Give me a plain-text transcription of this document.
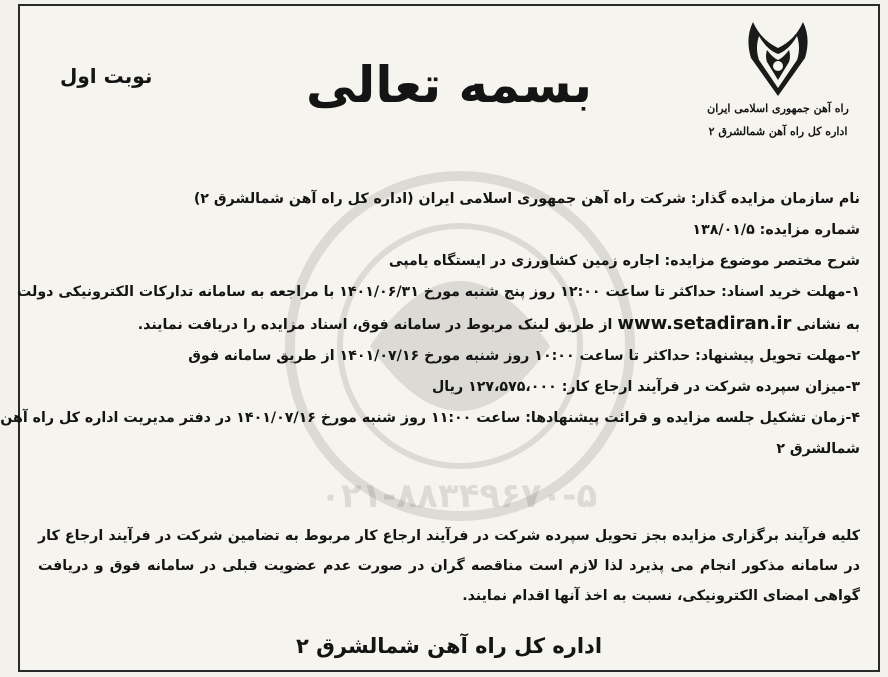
۰۲۱-۸۸۳۴۹۶۷۰-۵
راه آهن جمهوری اسلامی ایران
اداره کل راه آهن شمالشرق ۲
بسمه تعالی
نوبت اول
نام سازمان مزایده گذار: شرکت راه آهن جمهوری اسلامی ایران (اداره کل راه آهن شمالشرق ۲)
شماره مزایده: ۱۳۸/۰۱/۵
شرح مختصر موضوع مزایده: اجاره زمین کشاورزی در ایستگاه یامپی
۱-مهلت خرید اسناد: حداکثر تا ساعت ۱۲:۰۰ روز پنج شنبه مورخ ۱۴۰۱/۰۶/۳۱ با مراجعه به سامانه تدارکات الکترونیکی دولت
به نشانی www.setadiran.ir از طریق لینک مربوط در سامانه فوق، اسناد مزایده را دریافت نمایند.
۲-مهلت تحویل پیشنهاد: حداکثر تا ساعت ۱۰:۰۰ روز شنبه مورخ ۱۴۰۱/۰۷/۱۶ از طریق سامانه فوق
۳-میزان سپرده شرکت در فرآیند ارجاع کار: ۱۲۷،۵۷۵،۰۰۰ ریال
۴-زمان تشکیل جلسه مزایده و قرائت پیشنهادها: ساعت ۱۱:۰۰ روز شنبه مورخ ۱۴۰۱/۰۷/۱۶ در دفتر مدیریت اداره کل راه آهن
شمالشرق ۲
کلیه فرآیند برگزاری مزایده بجز تحویل سپرده شرکت در فرآیند ارجاع کار مربوط به تضامین شرکت در فرآیند ارجاع کار در سامانه مذکور انجام می پذیرد لذا لازم است مناقصه گران در صورت عدم عضویت قبلی در سامانه فوق و دریافت گواهی امضای الکترونیکی، نسبت به اخذ آنها اقدام نمایند.
اداره کل راه آهن شمالشرق ۲
